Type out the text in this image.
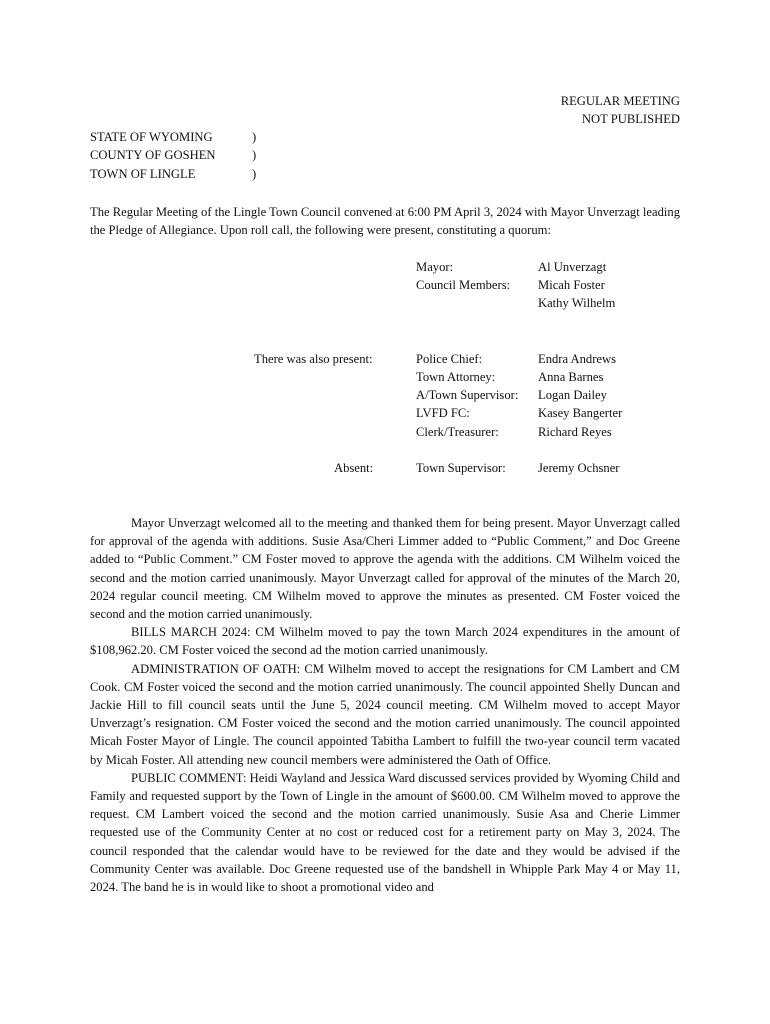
REGULAR MEETING
NOT PUBLISHED
STATE OF WYOMING	)
COUNTY OF GOSHEN	)
TOWN OF LINGLE	)

The Regular Meeting of the Lingle Town Council convened at 6:00 PM April 3, 2024 with Mayor Unverzagt leading the Pledge of Allegiance. Upon roll call, the following were present, constituting a quorum:

Mayor:	Al Unverzagt
Council Members: Micah Foster
Kathy Wilhelm
There was also present:	Police Chief:	Endra Andrews
Town Attorney:	Anna Barnes
A/Town Supervisor: Logan Dailey
LVFD FC:	Kasey Bangerter
Clerk/Treasurer:	Richard Reyes
Absent:	Town Supervisor:	Jeremy Ochsner

Mayor Unverzagt welcomed all to the meeting and thanked them for being present. Mayor Unverzagt called for approval of the agenda with additions. Susie Asa/Cheri Limmer added to “Public Comment,” and Doc Greene added to “Public Comment.” CM Foster moved to approve the agenda with the additions. CM Wilhelm voiced the second and the motion carried unanimously. Mayor Unverzagt called for approval of the minutes of the March 20, 2024 regular council meeting. CM Wilhelm moved to approve the minutes as presented. CM Foster voiced the second and the motion carried unanimously.

BILLS MARCH 2024: CM Wilhelm moved to pay the town March 2024 expenditures in the amount of $108,962.20. CM Foster voiced the second ad the motion carried unanimously.

ADMINISTRATION OF OATH: CM Wilhelm moved to accept the resignations for CM Lambert and CM Cook. CM Foster voiced the second and the motion carried unanimously. The council appointed Shelly Duncan and Jackie Hill to fill council seats until the June 5, 2024 council meeting. CM Wilhelm moved to accept Mayor Unverzagt’s resignation. CM Foster voiced the second and the motion carried unanimously. The council appointed Micah Foster Mayor of Lingle. The council appointed Tabitha Lambert to fulfill the two-year council term vacated by Micah Foster. All attending new council members were administered the Oath of Office.

PUBLIC COMMENT: Heidi Wayland and Jessica Ward discussed services provided by Wyoming Child and Family and requested support by the Town of Lingle in the amount of $600.00. CM Wilhelm moved to approve the request. CM Lambert voiced the second and the motion carried unanimously. Susie Asa and Cherie Limmer requested use of the Community Center at no cost or reduced cost for a retirement party on May 3, 2024. The council responded that the calendar would have to be reviewed for the date and they would be advised if the Community Center was available. Doc Greene requested use of the bandshell in Whipple Park May 4 or May 11, 2024. The band he is in would like to shoot a promotional video and
